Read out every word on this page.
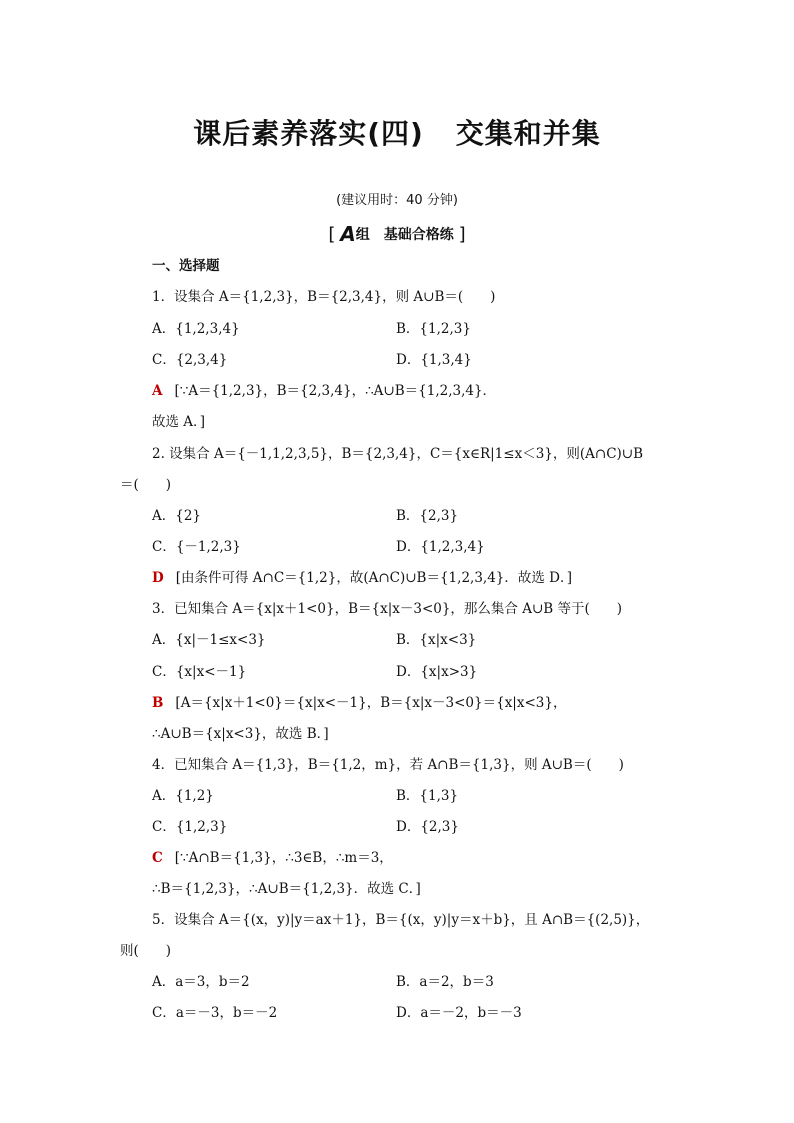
课后素养落实(四) 交集和并集
(建议用时：40 分钟)
[ A组　基础合格练 ]
一、选择题
1．设集合 A＝{1,2,3}，B＝{2,3,4}，则 A∪B＝(　　)
A．{1,2,3,4}	B．{1,2,3}
C．{2,3,4}	D．{1,3,4}
A [∵A＝{1,2,3}，B＝{2,3,4}，∴A∪B＝{1,2,3,4}．
故选 A．]
2. 设集合 A＝{－1,1,2,3,5}，B＝{2,3,4}，C＝{x∈R|1≤x＜3}，则(A∩C)∪B
＝(　　)
A．{2}	B．{2,3}
C．{－1,2,3}	D．{1,2,3,4}
D [由条件可得 A∩C＝{1,2}，故(A∩C)∪B＝{1,2,3,4}．故选 D．]
3．已知集合 A＝{x|x＋1<0}，B＝{x|x－3<0}，那么集合 A∪B 等于(　　)
A．{x|－1≤x<3}	B．{x|x<3}
C．{x|x<－1}	D．{x|x>3}
B [A＝{x|x＋1<0}＝{x|x<－1}，B＝{x|x－3<0}＝{x|x<3}，
∴A∪B＝{x|x<3}，故选 B．]
4．已知集合 A＝{1,3}，B＝{1,2，m}，若 A∩B＝{1,3}，则 A∪B＝(　　)
A．{1,2}	B．{1,3}
C．{1,2,3}	D．{2,3}
C [∵A∩B＝{1,3}，∴3∈B，∴m＝3，
∴B＝{1,2,3}，∴A∪B＝{1,2,3}．故选 C．]
5．设集合 A＝{(x，y)|y＝ax＋1}，B＝{(x，y)|y＝x＋b}，且 A∩B＝{(2,5)}，
则(　　)
A．a＝3，b＝2	B．a＝2，b＝3
C．a＝－3，b＝－2	D．a＝－2，b＝－3
